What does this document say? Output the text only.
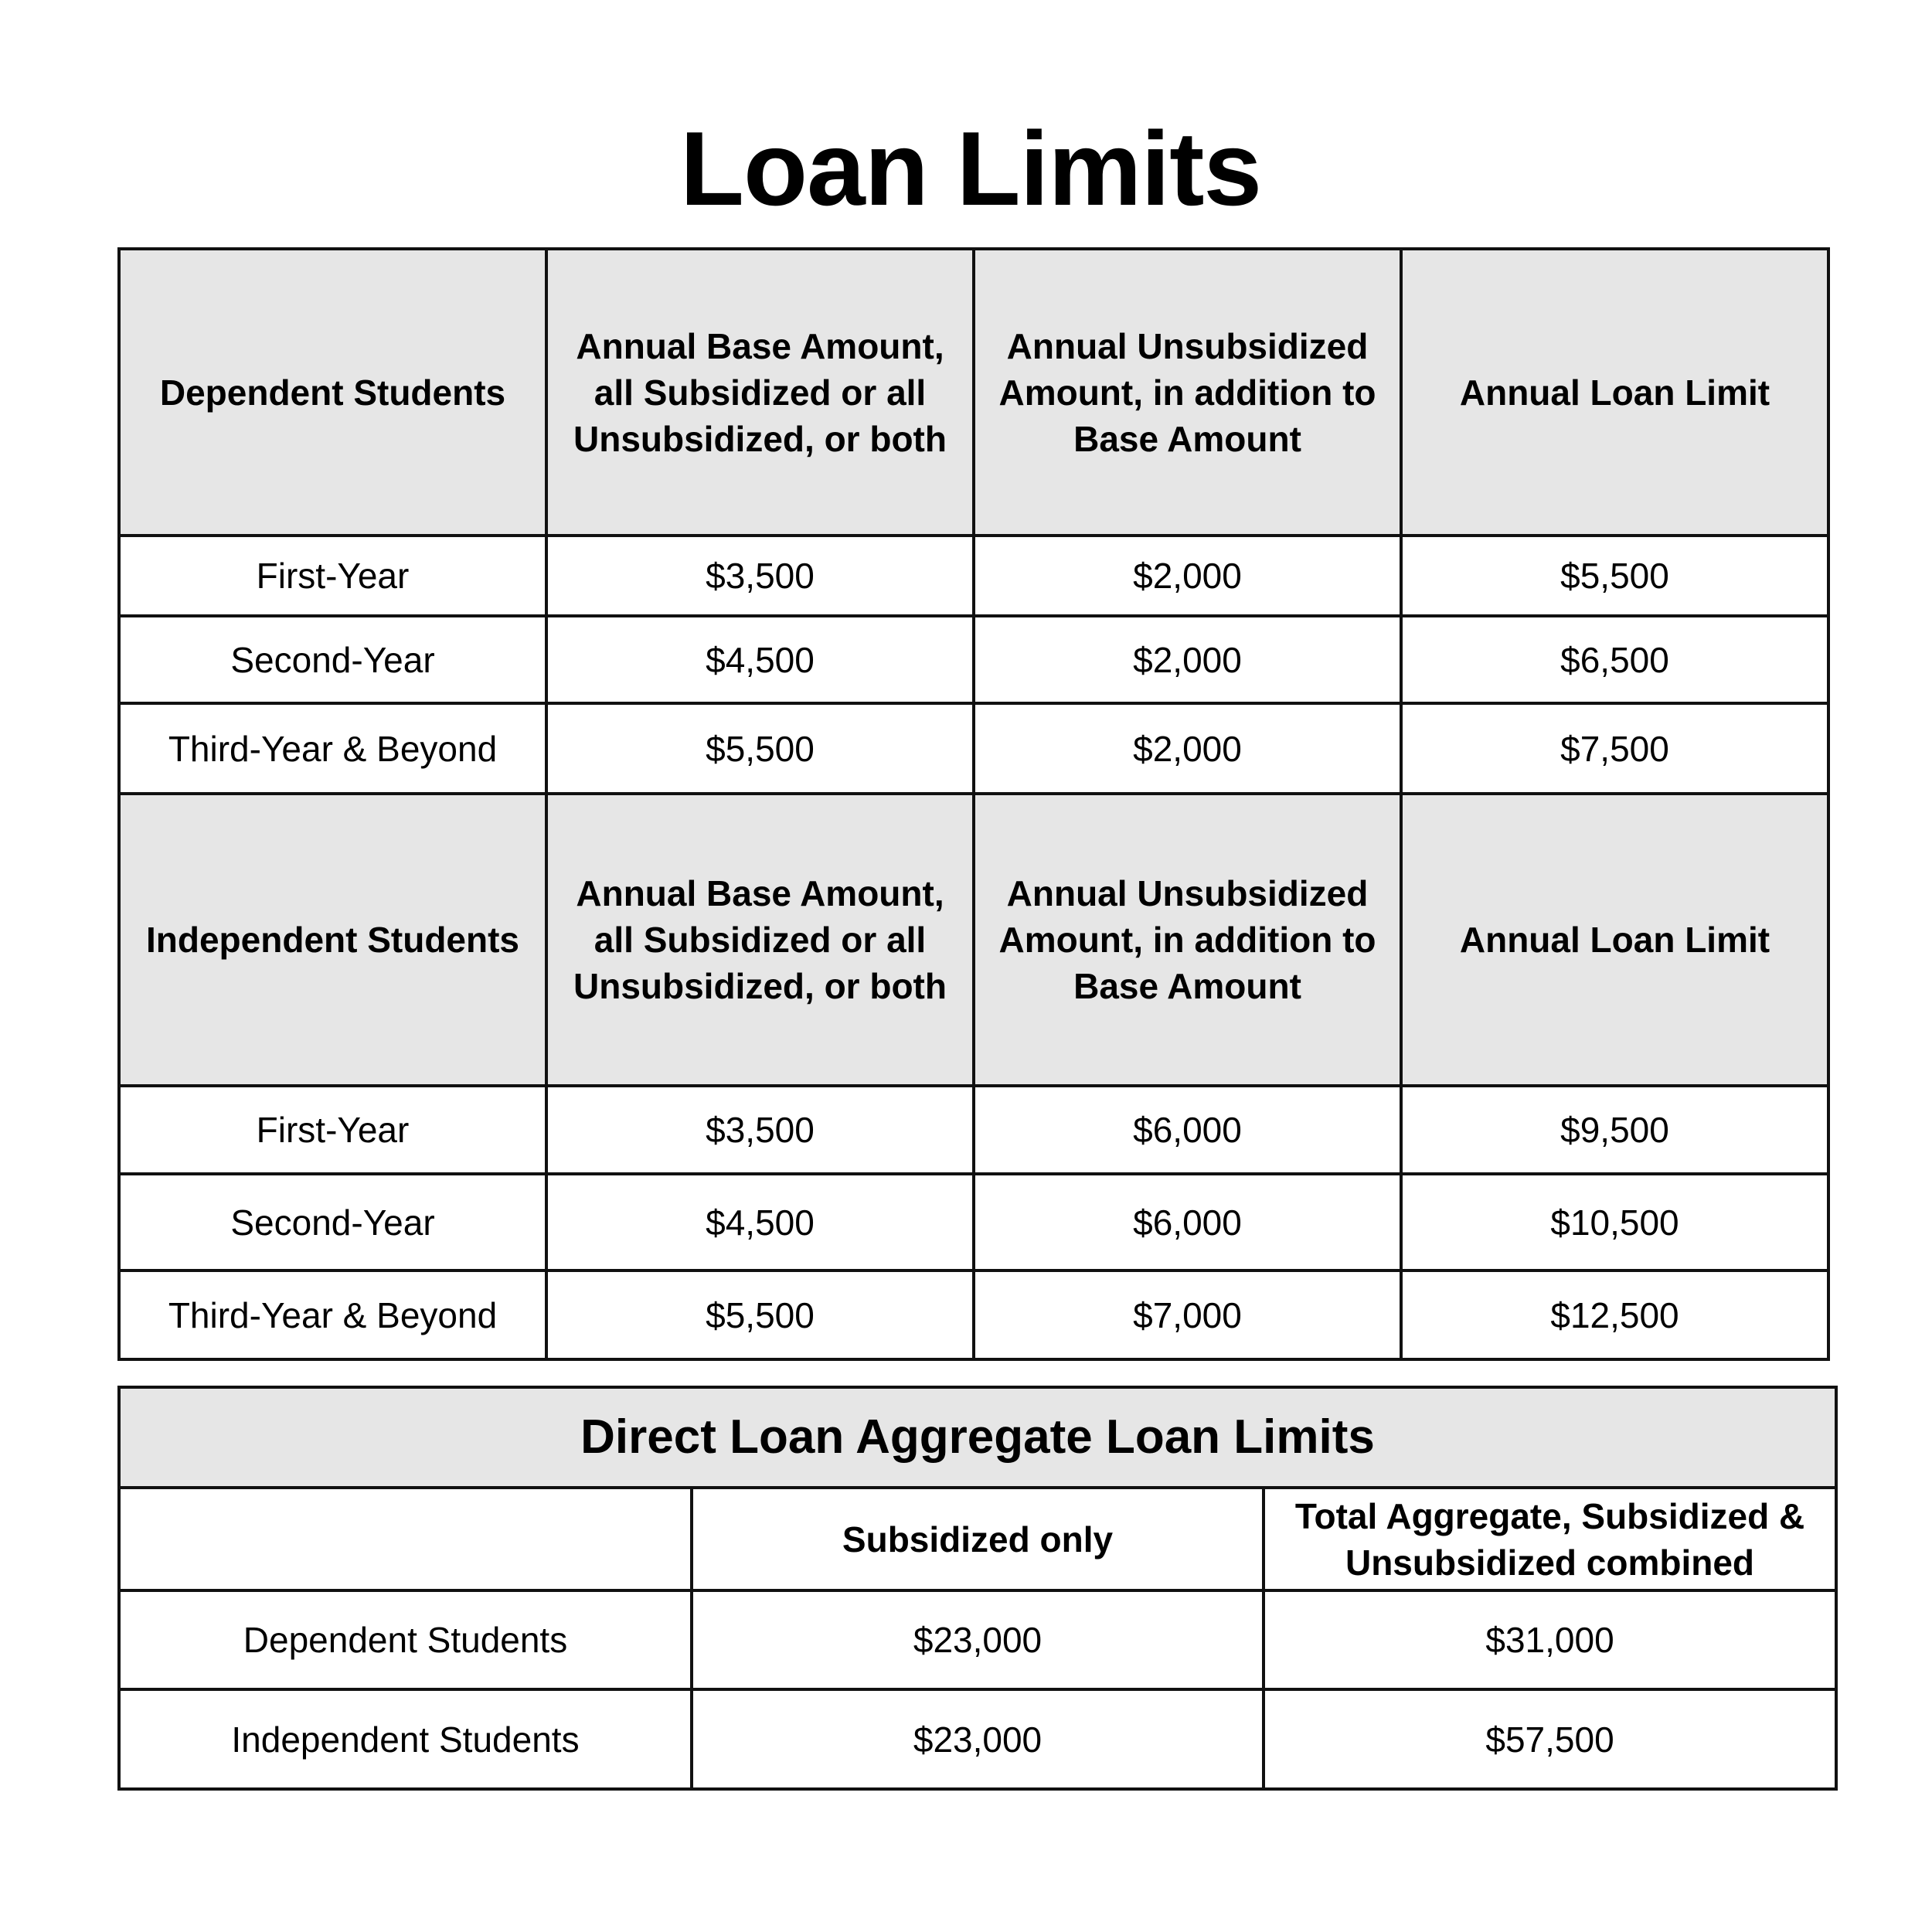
Loan Limits
Dependent Students	Annual Base Amount, all Subsidized or all Unsubsidized, or both	Annual Unsubsidized Amount, in addition to Base Amount	Annual Loan Limit
First-Year	$3,500	$2,000	$5,500
Second-Year	$4,500	$2,000	$6,500
Third-Year & Beyond	$5,500	$2,000	$7,500
Independent Students	Annual Base Amount, all Subsidized or all Unsubsidized, or both	Annual Unsubsidized Amount, in addition to Base Amount	Annual Loan Limit
First-Year	$3,500	$6,000	$9,500
Second-Year	$4,500	$6,000	$10,500
Third-Year & Beyond	$5,500	$7,000	$12,500
Direct Loan Aggregate Loan Limits		
	Subsidized only	Total Aggregate, Subsidized & Unsubsidized combined
Dependent Students	$23,000	$31,000
Independent Students	$23,000	$57,500
